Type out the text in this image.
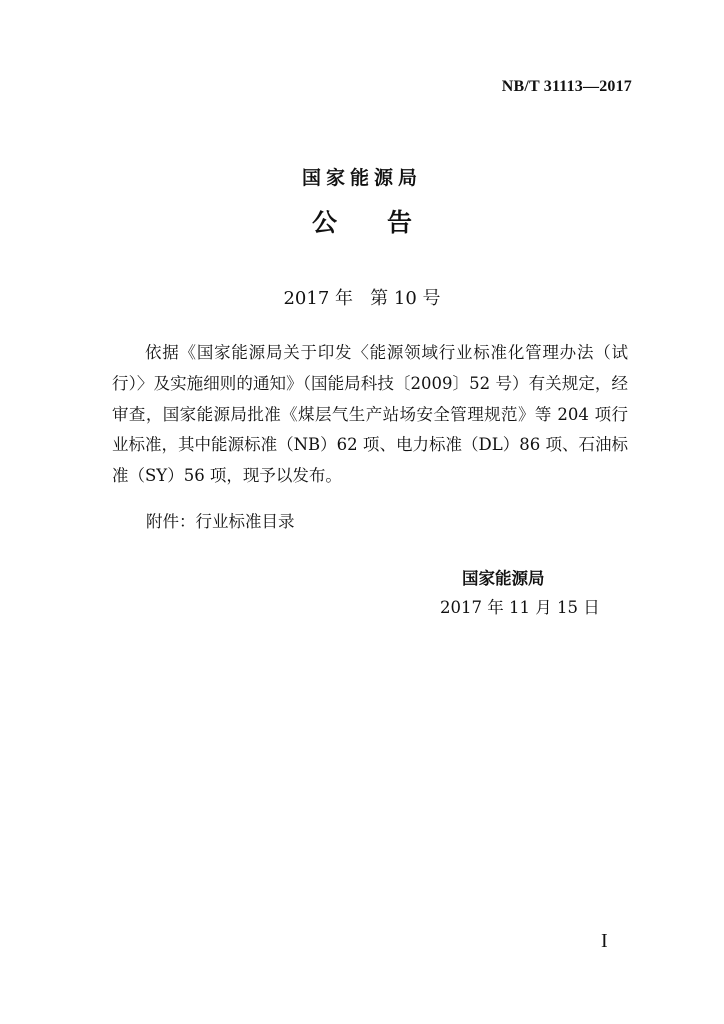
NB/T 31113—2017
国家能源局
公告
2017 年   第 10 号

依据《国家能源局关于印发〈能源领域行业标准化管理办法（试行）〉及实施细则的通知》（国能局科技〔2009〕52 号）有关规定，经审查，国家能源局批准《煤层气生产站场安全管理规范》等 204 项行业标准，其中能源标准（NB）62 项、电力标准（DL）86 项、石油标准（SY）56 项，现予以发布。

附件：行业标准目录
国家能源局
2017 年 11 月 15 日
I
